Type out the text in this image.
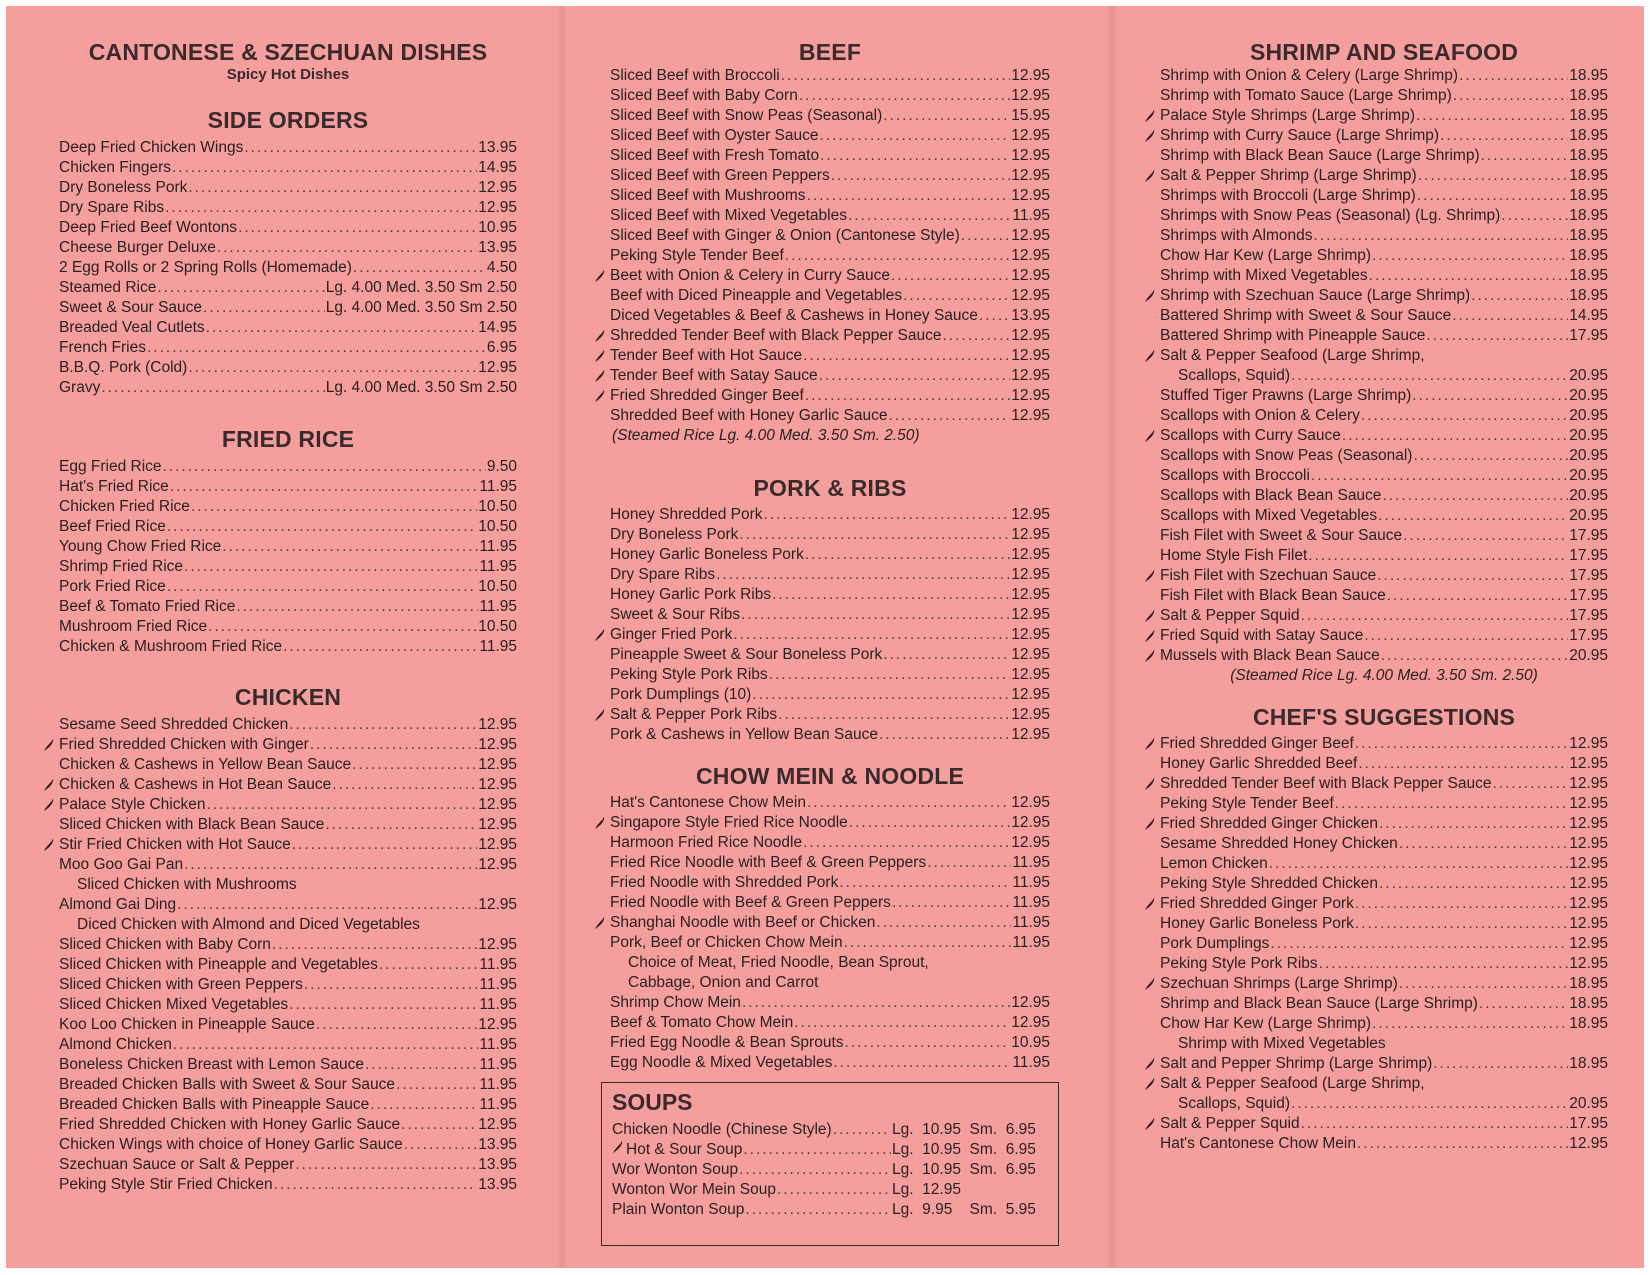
CANTONESE & SZECHUAN DISHES
Spicy Hot Dishes
SIDE ORDERS
Deep Fried Chicken Wings .....	13.95
Chicken Fingers .....	14.95
Dry Boneless Pork .....	12.95
Dry Spare Ribs .....	12.95
Deep Fried Beef Wontons .....	10.95
Cheese Burger Deluxe .....	13.95
2 Egg Rolls or 2 Spring Rolls (Homemade) .....	4.50
Steamed Rice .....	Lg. 4.00 Med. 3.50 Sm 2.50
Sweet & Sour Sauce .....	Lg. 4.00 Med. 3.50 Sm 2.50
Breaded Veal Cutlets .....	14.95
French Fries .....	6.95
B.B.Q. Pork (Cold) .....	12.95
Gravy .....	Lg. 4.00 Med. 3.50 Sm 2.50
FRIED RICE
Egg Fried Rice .....	9.50
Hat's Fried Rice .....	11.95
Chicken Fried Rice .....	10.50
Beef Fried Rice .....	10.50
Young Chow Fried Rice .....	11.95
Shrimp Fried Rice .....	11.95
Pork Fried Rice .....	10.50
Beef & Tomato Fried Rice .....	11.95
Mushroom Fried Rice .....	10.50
Chicken & Mushroom Fried Rice .....	11.95
CHICKEN
Sesame Seed Shredded Chicken .....	12.95
Fried Shredded Chicken with Ginger .....	12.95
Chicken & Cashews in Yellow Bean Sauce .....	12.95
Chicken & Cashews in Hot Bean Sauce .....	12.95
Palace Style Chicken .....	12.95
Sliced Chicken with Black Bean Sauce .....	12.95
Stir Fried Chicken with Hot Sauce .....	12.95
Moo Goo Gai Pan .....	12.95
Sliced Chicken with Mushrooms
Almond Gai Ding .....	12.95
Diced Chicken with Almond and Diced Vegetables
Sliced Chicken with Baby Corn .....	12.95
Sliced Chicken with Pineapple and Vegetables .....	11.95
Sliced Chicken with Green Peppers .....	11.95
Sliced Chicken Mixed Vegetables .....	11.95
Koo Loo Chicken in Pineapple Sauce .....	12.95
Almond Chicken .....	11.95
Boneless Chicken Breast with Lemon Sauce .....	11.95
Breaded Chicken Balls with Sweet & Sour Sauce .....	11.95
Breaded Chicken Balls with Pineapple Sauce .....	11.95
Fried Shredded Chicken with Honey Garlic Sauce .....	12.95
Chicken Wings with choice of Honey Garlic Sauce .....	13.95
Szechuan Sauce or Salt & Pepper .....	13.95
Peking Style Stir Fried Chicken .....	13.95
BEEF
Sliced Beef with Broccoli .....	12.95
Sliced Beef with Baby Corn .....	12.95
Sliced Beef with Snow Peas (Seasonal) .....	15.95
Sliced Beef with Oyster Sauce .....	12.95
Sliced Beef with Fresh Tomato .....	12.95
Sliced Beef with Green Peppers .....	12.95
Sliced Beef with Mushrooms .....	12.95
Sliced Beef with Mixed Vegetables .....	11.95
Sliced Beef with Ginger & Onion (Cantonese Style) .....	12.95
Peking Style Tender Beef .....	12.95
Beet with Onion & Celery in Curry Sauce .....	12.95
Beef with Diced Pineapple and Vegetables .....	12.95
Diced Vegetables & Beef & Cashews in Honey Sauce ..... 13.95
Shredded Tender Beef with Black Pepper Sauce .....	12.95
Tender Beef with Hot Sauce .....	12.95
Tender Beef with Satay Sauce .....	12.95
Fried Shredded Ginger Beef .....	12.95
Shredded Beef with Honey Garlic Sauce .....	12.95
(Steamed Rice Lg. 4.00 Med. 3.50 Sm. 2.50)
PORK & RIBS
Honey Shredded Pork .....	12.95
Dry Boneless Pork .....	12.95
Honey Garlic Boneless Pork .....	12.95
Dry Spare Ribs .....	12.95
Honey Garlic Pork Ribs .....	12.95
Sweet & Sour Ribs .....	12.95
Ginger Fried Pork .....	12.95
Pineapple Sweet & Sour Boneless Pork .....	12.95
Peking Style Pork Ribs .....	12.95
Pork Dumplings (10) .....	12.95
Salt & Pepper Pork Ribs .....	12.95
Pork & Cashews in Yellow Bean Sauce .....	12.95
CHOW MEIN & NOODLE
Hat's Cantonese Chow Mein .....	12.95
Singapore Style Fried Rice Noodle .....	12.95
Harmoon Fried Rice Noodle .....	12.95
Fried Rice Noodle with Beef & Green Peppers .....	11.95
Fried Noodle with Shredded Pork .....	11.95
Fried Noodle with Beef & Green Peppers .....	11.95
Shanghai Noodle with Beef or Chicken .....	11.95
Pork, Beef or Chicken Chow Mein .....	11.95
Choice of Meat, Fried Noodle, Bean Sprout,
Cabbage, Onion and Carrot
Shrimp Chow Mein .....	12.95
Beef & Tomato Chow Mein .....	12.95
Fried Egg Noodle & Bean Sprouts .....	10.95
Egg Noodle & Mixed Vegetables .....	11.95
SOUPS
Chicken Noodle (Chinese Style) .....	Lg.  10.95  Sm.  6.95
Hot & Sour Soup .....	Lg.  10.95  Sm.  6.95
Wor Wonton Soup .....	Lg.  10.95  Sm.  6.95
Wonton Wor Mein Soup .....	Lg.  12.95
Plain Wonton Soup .....	Lg.  9.95    Sm.  5.95
SHRIMP AND SEAFOOD
Shrimp with Onion & Celery (Large Shrimp) .....	18.95
Shrimp with Tomato Sauce (Large Shrimp) .....	18.95
Palace Style Shrimps (Large Shrimp) .....	18.95
Shrimp with Curry Sauce (Large Shrimp) .....	18.95
Shrimp with Black Bean Sauce (Large Shrimp) .....	18.95
Salt & Pepper Shrimp (Large Shrimp) .....	18.95
Shrimps with Broccoli (Large Shrimp) .....	18.95
Shrimps with Snow Peas (Seasonal) (Lg. Shrimp) .....	18.95
Shrimps with Almonds .....	18.95
Chow Har Kew (Large Shrimp) .....	18.95
Shrimp with Mixed Vegetables .....	18.95
Shrimp with Szechuan Sauce (Large Shrimp) .....	18.95
Battered Shrimp with Sweet & Sour Sauce .....	14.95
Battered Shrimp with Pineapple Sauce .....	17.95
Salt & Pepper Seafood (Large Shrimp,
Scallops, Squid) .....	20.95
Stuffed Tiger Prawns (Large Shrimp) .....	20.95
Scallops with Onion & Celery .....	20.95
Scallops with Curry Sauce .....	20.95
Scallops with Snow Peas (Seasonal) .....	20.95
Scallops with Broccoli .....	20.95
Scallops with Black Bean Sauce .....	20.95
Scallops with Mixed Vegetables .....	20.95
Fish Filet with Sweet & Sour Sauce .....	17.95
Home Style Fish Filet .....	17.95
Fish Filet with Szechuan Sauce .....	17.95
Fish Filet with Black Bean Sauce .....	17.95
Salt & Pepper Squid .....	17.95
Fried Squid with Satay Sauce .....	17.95
Mussels with Black Bean Sauce .....	20.95
(Steamed Rice Lg. 4.00 Med. 3.50 Sm. 2.50)
CHEF'S SUGGESTIONS
Fried Shredded Ginger Beef .....	12.95
Honey Garlic Shredded Beef .....	12.95
Shredded Tender Beef with Black Pepper Sauce .....	12.95
Peking Style Tender Beef .....	12.95
Fried Shredded Ginger Chicken .....	12.95
Sesame Shredded Honey Chicken .....	12.95
Lemon Chicken .....	12.95
Peking Style Shredded Chicken .....	12.95
Fried Shredded Ginger Pork .....	12.95
Honey Garlic Boneless Pork .....	12.95
Pork Dumplings .....	12.95
Peking Style Pork Ribs .....	12.95
Szechuan Shrimps (Large Shrimp) .....	18.95
Shrimp and Black Bean Sauce (Large Shrimp) .....	18.95
Chow Har Kew (Large Shrimp) .....	18.95
Shrimp with Mixed Vegetables
Salt and Pepper Shrimp (Large Shrimp) .....	18.95
Salt & Pepper Seafood (Large Shrimp,
Scallops, Squid) .....	20.95
Salt & Pepper Squid .....	17.95
Hat's Cantonese Chow Mein .....	12.95
